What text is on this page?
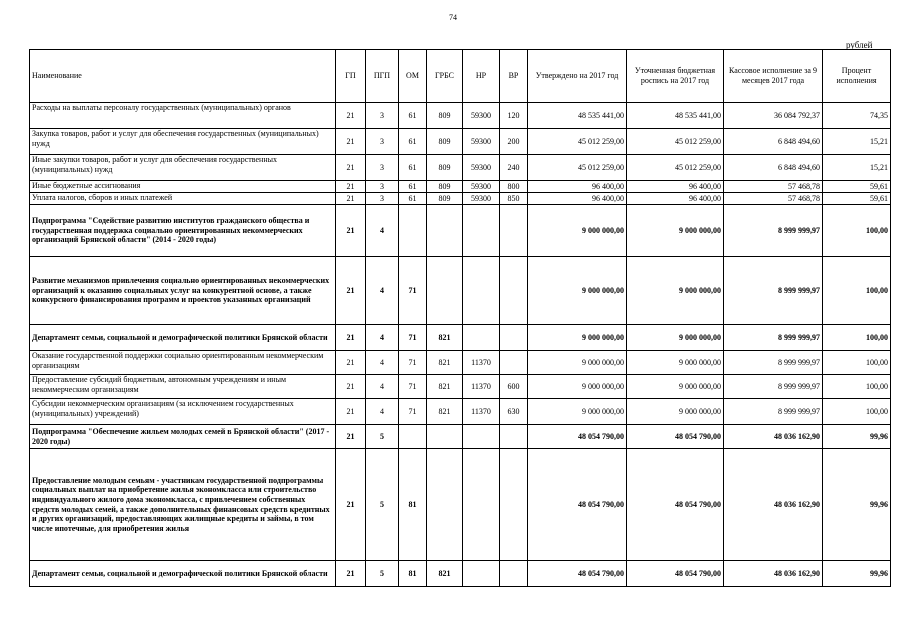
74
рублей
Наименование	ГП	ПГП	ОМ	ГРБС	НР	ВР	Утверждено на 2017 год	Уточненная бюджетная роспись на 2017 год	Кассовое исполнение за 9 месяцев 2017 года	Процент исполнения
Расходы на выплаты персоналу государственных (муниципальных) органов	21	3	61	809	59300	120	48 535 441,00	48 535 441,00	36 084 792,37	74,35
Закупка товаров, работ и услуг для обеспечения государственных (муниципальных) нужд	21	3	61	809	59300	200	45 012 259,00	45 012 259,00	6 848 494,60	15,21
Иные закупки товаров, работ и услуг для обеспечения государственных (муниципальных) нужд	21	3	61	809	59300	240	45 012 259,00	45 012 259,00	6 848 494,60	15,21
Иные бюджетные ассигнования	21	3	61	809	59300	800	96 400,00	96 400,00	57 468,78	59,61
Уплата налогов, сборов и иных платежей	21	3	61	809	59300	850	96 400,00	96 400,00	57 468,78	59,61
Подпрограмма "Содействие развитию институтов гражданского общества и государственная поддержка социально ориентированных некоммерческих организаций Брянской области" (2014 - 2020 годы)	21	4					9 000 000,00	9 000 000,00	8 999 999,97	100,00
Развитие механизмов привлечения социально ориентированных некоммерческих организаций к оказанию социальных услуг на конкурентной основе, а также конкурсного финансирования программ и проектов указанных организаций	21	4	71				9 000 000,00	9 000 000,00	8 999 999,97	100,00
Департамент семьи, социальной и демографической политики Брянской области	21	4	71	821			9 000 000,00	9 000 000,00	8 999 999,97	100,00
Оказание государственной поддержки социально ориентированным некоммерческим организациям	21	4	71	821	11370		9 000 000,00	9 000 000,00	8 999 999,97	100,00
Предоставление субсидий бюджетным, автономным учреждениям и иным некоммерческим организациям	21	4	71	821	11370	600	9 000 000,00	9 000 000,00	8 999 999,97	100,00
Субсидии некоммерческим организациям (за исключением государственных (муниципальных) учреждений)	21	4	71	821	11370	630	9 000 000,00	9 000 000,00	8 999 999,97	100,00
Подпрограмма "Обеспечение жильем молодых семей в Брянской области" (2017 - 2020 годы)	21	5					48 054 790,00	48 054 790,00	48 036 162,90	99,96
Предоставление молодым семьям - участникам государственной подпрограммы социальных выплат на приобретение жилья экономкласса или строительство индивидуального жилого дома экономкласса, с привлечением собственных средств молодых семей, а также дополнительных финансовых средств кредитных и других организаций, предоставляющих жилищные кредиты и займы, в том числе ипотечные, для приобретения жилья	21	5	81				48 054 790,00	48 054 790,00	48 036 162,90	99,96
Департамент семьи, социальной и демографической политики Брянской области	21	5	81	821			48 054 790,00	48 054 790,00	48 036 162,90	99,96
